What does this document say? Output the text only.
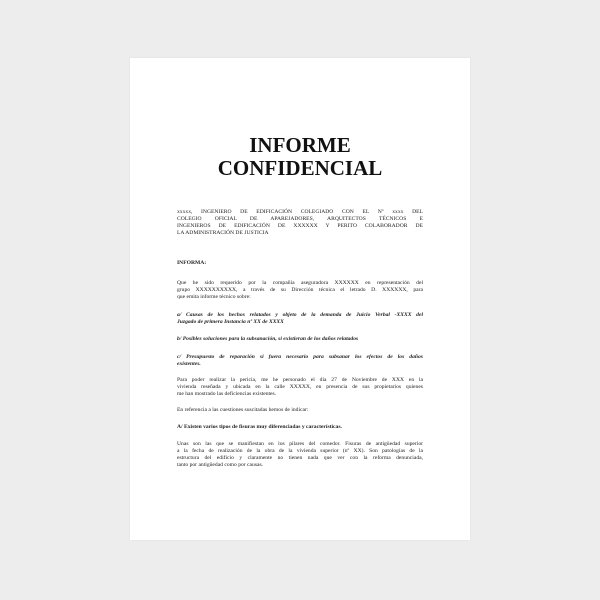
INFORME
CONFIDENCIAL
xxxxx, INGENIERO DE EDIFICACIÓN COLEGIADO CON EL Nº xxxx DEL
COLEGIO OFICIAL DE APAREJADORES, ARQUITECTOS TÉCNICOS E
INGENIEROS DE EDIFICACIÓN DE XXXXXX Y PERITO COLABORADOR DE
LA ADMINISTRACIÓN DE JUSTICIA
INFORMA:
Que he sido requerido por la compañía aseguradora XXXXXX en representación del
grupo XXXXXXXXXX, a través de su Dirección técnica el letrado D. XXXXXX, para
que emita informe técnico sobre:
a/ Causas de los hechos relatados y objeto de la demanda de Juicio Verbal -XXXX del
Juzgado de primera Instancia nº XX de XXXX
b/ Posibles soluciones para la subsanación, si existieran de los daños relatados
c/ Presupuesto de reparación si fuera necesario para subsanar los efectos de los daños
existentes.
Para poder realizar la pericia, me he personado el día 27 de Noviembre de XXX en la
vivienda reseñada y ubicada en la calle XXXXX, en presencia de sus propietarios quienes
me han mostrado las deficiencias existentes.
En referencia a las cuestiones suscitadas hemos de indicar:
A/ Existen varios tipos de fisuras muy diferenciadas y características.
Unas son las que se manifiestan en los pilares del comedor. Fisuras de antigüedad superior
a la fecha de realización de la obra de la vivienda superior (nº XX). Son patologías de la
estructura del edificio y claramente no tienen nada que ver con la reforma denunciada,
tanto por antigüedad como por causas.
